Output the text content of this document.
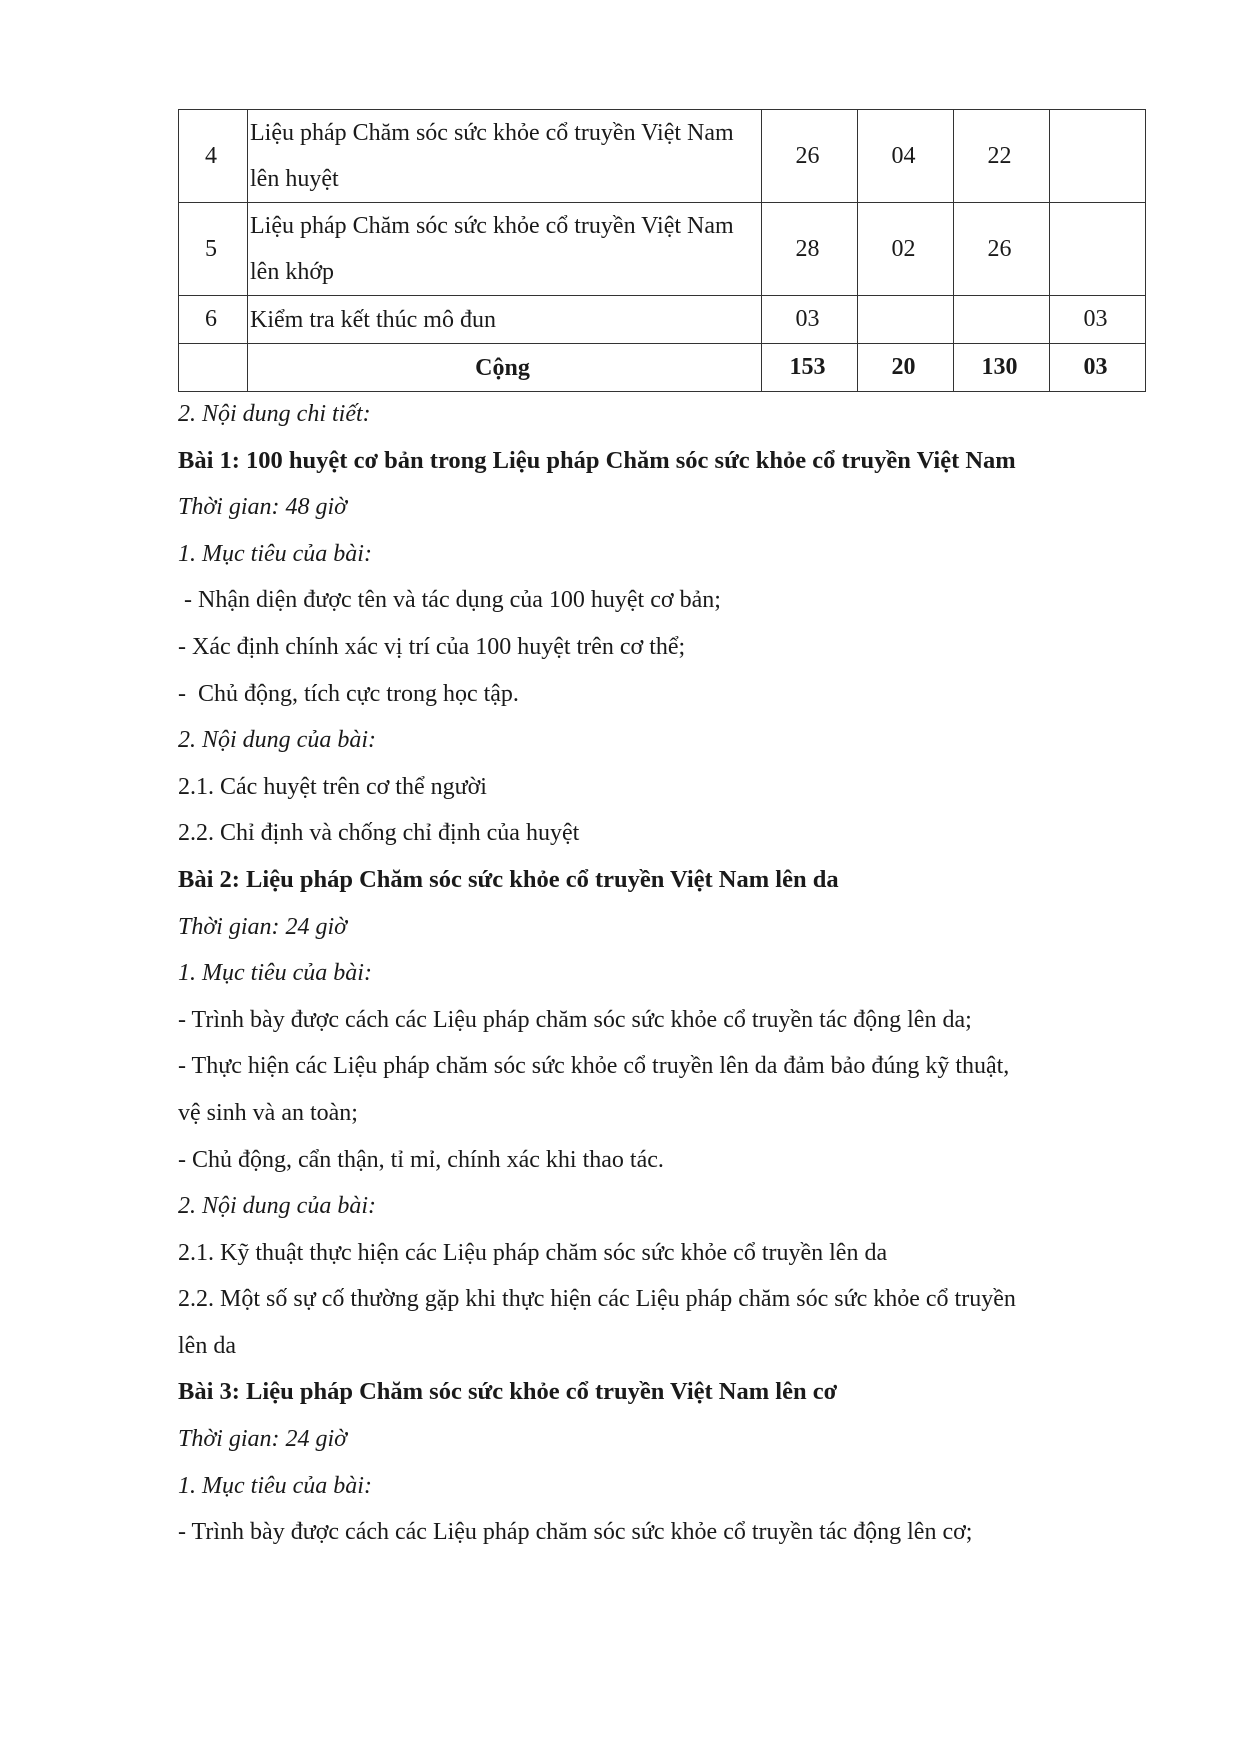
4	Liệu pháp Chăm sóc sức khỏe cổ truyền Việt Nam lên huyệt	26	04	22	
5	Liệu pháp Chăm sóc sức khỏe cổ truyền Việt Nam lên khớp	28	02	26	
6	Kiểm tra kết thúc mô đun	03			03
	Cộng	153	20	130	03

2. Nội dung chi tiết:

Bài 1: 100 huyệt cơ bản trong Liệu pháp Chăm sóc sức khỏe cổ truyền Việt Nam

Thời gian: 48 giờ

1. Mục tiêu của bài:

- Nhận diện được tên và tác dụng của 100 huyệt cơ bản;

- Xác định chính xác vị trí của 100 huyệt trên cơ thể;

-  Chủ động, tích cực trong học tập.

2. Nội dung của bài:

2.1. Các huyệt trên cơ thể người

2.2. Chỉ định và chống chỉ định của huyệt

Bài 2: Liệu pháp Chăm sóc sức khỏe cổ truyền Việt Nam lên da

Thời gian: 24 giờ

1. Mục tiêu của bài:

- Trình bày được cách các Liệu pháp chăm sóc sức khỏe cổ truyền tác động lên da;

- Thực hiện các Liệu pháp chăm sóc sức khỏe cổ truyền lên da đảm bảo đúng kỹ thuật,

vệ sinh và an toàn;

- Chủ động, cẩn thận, tỉ mỉ, chính xác khi thao tác.

2. Nội dung của bài:

2.1. Kỹ thuật thực hiện các Liệu pháp chăm sóc sức khỏe cổ truyền lên da

2.2. Một số sự cố thường gặp khi thực hiện các Liệu pháp chăm sóc sức khỏe cổ truyền

lên da

Bài 3: Liệu pháp Chăm sóc sức khỏe cổ truyền Việt Nam lên cơ

Thời gian: 24 giờ

1. Mục tiêu của bài:

- Trình bày được cách các Liệu pháp chăm sóc sức khỏe cổ truyền tác động lên cơ;
